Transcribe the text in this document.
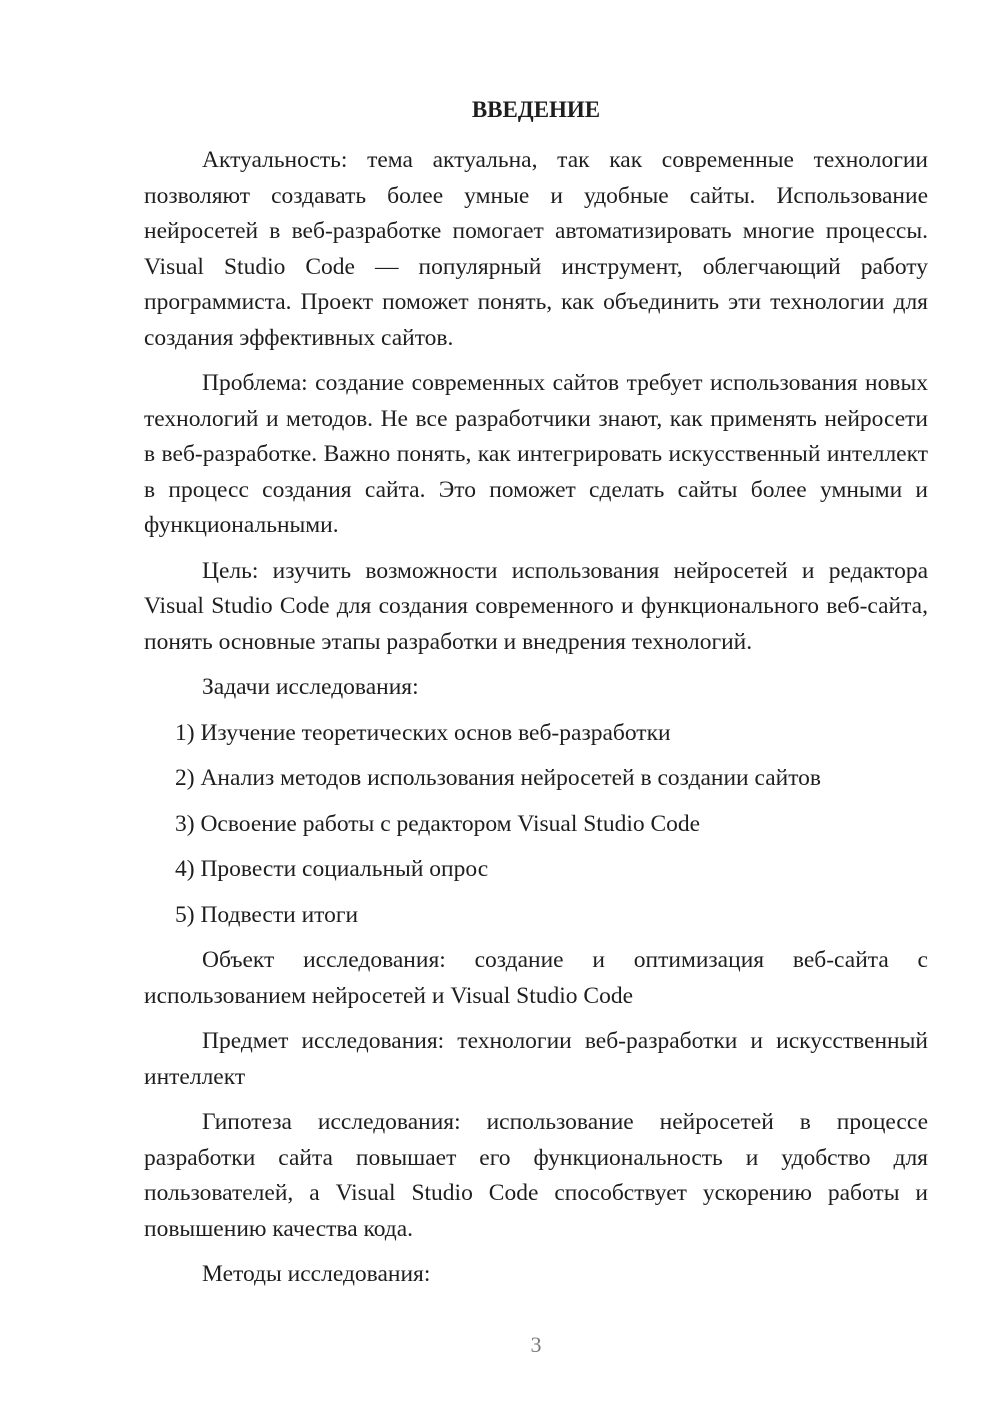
ВВЕДЕНИЕ

Актуальность: тема актуальна, так как современные технологии позволяют создавать более умные и удобные сайты. Использование нейросетей в веб-разработке помогает автоматизировать многие процессы. Visual Studio Code — популярный инструмент, облегчающий работу программиста. Проект поможет понять, как объединить эти технологии для создания эффективных сайтов.

Проблема: создание современных сайтов требует использования новых технологий и методов. Не все разработчики знают, как применять нейросети в веб-разработке. Важно понять, как интегрировать искусственный интеллект в процесс создания сайта. Это поможет сделать сайты более умными и функциональными.

Цель: изучить возможности использования нейросетей и редактора Visual Studio Code для создания современного и функционального веб-сайта, понять основные этапы разработки и внедрения технологий.

Задачи исследования:

1) Изучение теоретических основ веб-разработки
2) Анализ методов использования нейросетей в создании сайтов
3) Освоение работы с редактором Visual Studio Code
4) Провести социальный опрос
5) Подвести итоги

Объект исследования: создание и оптимизация веб-сайта с использованием нейросетей и Visual Studio Code

Предмет исследования: технологии веб-разработки и искусственный интеллект

Гипотеза исследования: использование нейросетей в процессе разработки сайта повышает его функциональность и удобство для пользователей, а Visual Studio Code способствует ускорению работы и повышению качества кода.

Методы исследования:

3
